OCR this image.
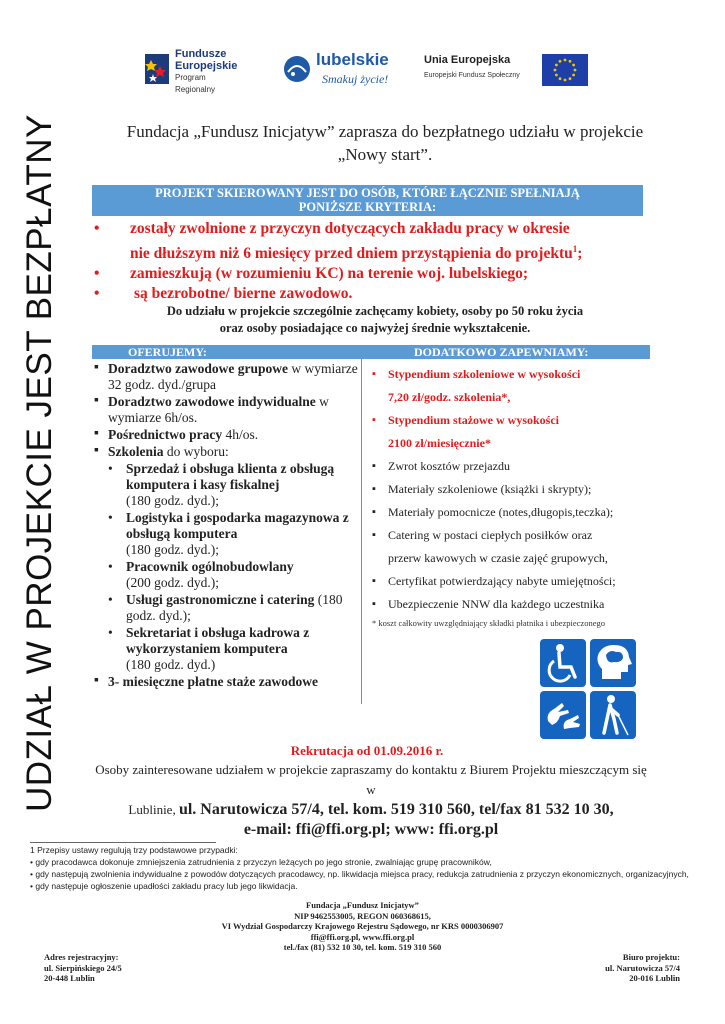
Fundusze
Europejskie
Program Regionalny
lubelskie
Smakuj życie!
Unia Europejska
Europejski Fundusz Społeczny
UDZIAŁ W PROJEKCIE JEST BEZPŁATNY	Fundacja „Fundusz Inicjatyw” zaprasza do bezpłatnego udziału w projekcie
„Nowy start”.
PROJEKT SKIEROWANY JEST DO OSÓB, KTÓRE ŁĄCZNIE SPEŁNIAJĄ
PONIŻSZE KRYTERIA:
• zostały zwolnione z przyczyn dotyczących zakładu pracy w okresie
nie dłuższym niż 6 miesięcy przed dniem przystąpienia do projektu$^1$;
• zamieszkują (w rozumieniu KC) na terenie woj. lubelskiego;
• są bezrobotne/ bierne zawodowo.
Do udziału w projekcie szczególnie zachęcamy kobiety, osoby po 50 roku życia
oraz osoby posiadające co najwyżej średnie wykształcenie.
OFERUJEMY:	DODATKOWO ZAPEWNIAMY:
▪ Doradztwo zawodowe grupowe w wymiarze 32 godz. dyd./grupa
▪ Doradztwo zawodowe indywidualne w wymiarze 6h/os.
▪ Pośrednictwo pracy 4h/os.
▪ Szkolenia do wyboru:
• Sprzedaż i obsługa klienta z obsługą komputera i kasy fiskalnej
(180 godz. dyd.);
• Logistyka i gospodarka magazynowa z obsługą komputera
(180 godz. dyd.);
• Pracownik ogólnobudowlany
(200 godz. dyd.);
• Usługi gastronomiczne i catering (180 godz. dyd.);
• Sekretariat i obsługa kadrowa z wykorzystaniem komputera
(180 godz. dyd.)
▪ 3- miesięczne płatne staże zawodowe
▪ Stypendium szkoleniowe w wysokości
7,20 zł/godz. szkolenia*,
▪ Stypendium stażowe w wysokości
2100 zł/miesięcznie*
▪ Zwrot kosztów przejazdu
▪ Materiały szkoleniowe (książki i skrypty);
▪ Materiały pomocnicze (notes,długopis,teczka);
▪ Catering w postaci ciepłych posiłków oraz
przerw kawowych w czasie zajęć grupowych,
▪ Certyfikat potwierdzający nabyte umiejętności;
▪ Ubezpieczenie NNW dla każdego uczestnika
* koszt całkowity uwzględniający składki płatnika i ubezpieczonego
Rekrutacja od 01.09.2016 r.
Osoby zainteresowane udziałem w projekcie zapraszamy do kontaktu z Biurem Projektu mieszczącym się w
Lublinie, ul. Narutowicza 57/4, tel. kom. 519 310 560, tel/fax 81 532 10 30,
e-mail: ffi@ffi.org.pl; www: ffi.org.pl
1 Przepisy ustawy regulują trzy podstawowe przypadki:
• gdy pracodawca dokonuje zmniejszenia zatrudnienia z przyczyn leżących po jego stronie, zwalniając grupę pracowników,
• gdy następują zwolnienia indywidualne z powodów dotyczących pracodawcy, np. likwidacja miejsca pracy, redukcja zatrudnienia z przyczyn ekonomicznych, organizacyjnych,
• gdy następuje ogłoszenie upadłości zakładu pracy lub jego likwidacja.
Fundacja „Fundusz Inicjatyw”
NIP 9462553005, REGON 060368615,
VI Wydział Gospodarczy Krajowego Rejestru Sądowego, nr KRS 0000306907
ffi@ffi.org.pl, www.ffi.org.pl
tel./fax (81) 532 10 30, tel. kom. 519 310 560
Adres rejestracyjny:
ul. Sierpińskiego 24/5
20-448 Lublin
Biuro projektu:
ul. Narutowicza 57/4
20-016 Lublin
